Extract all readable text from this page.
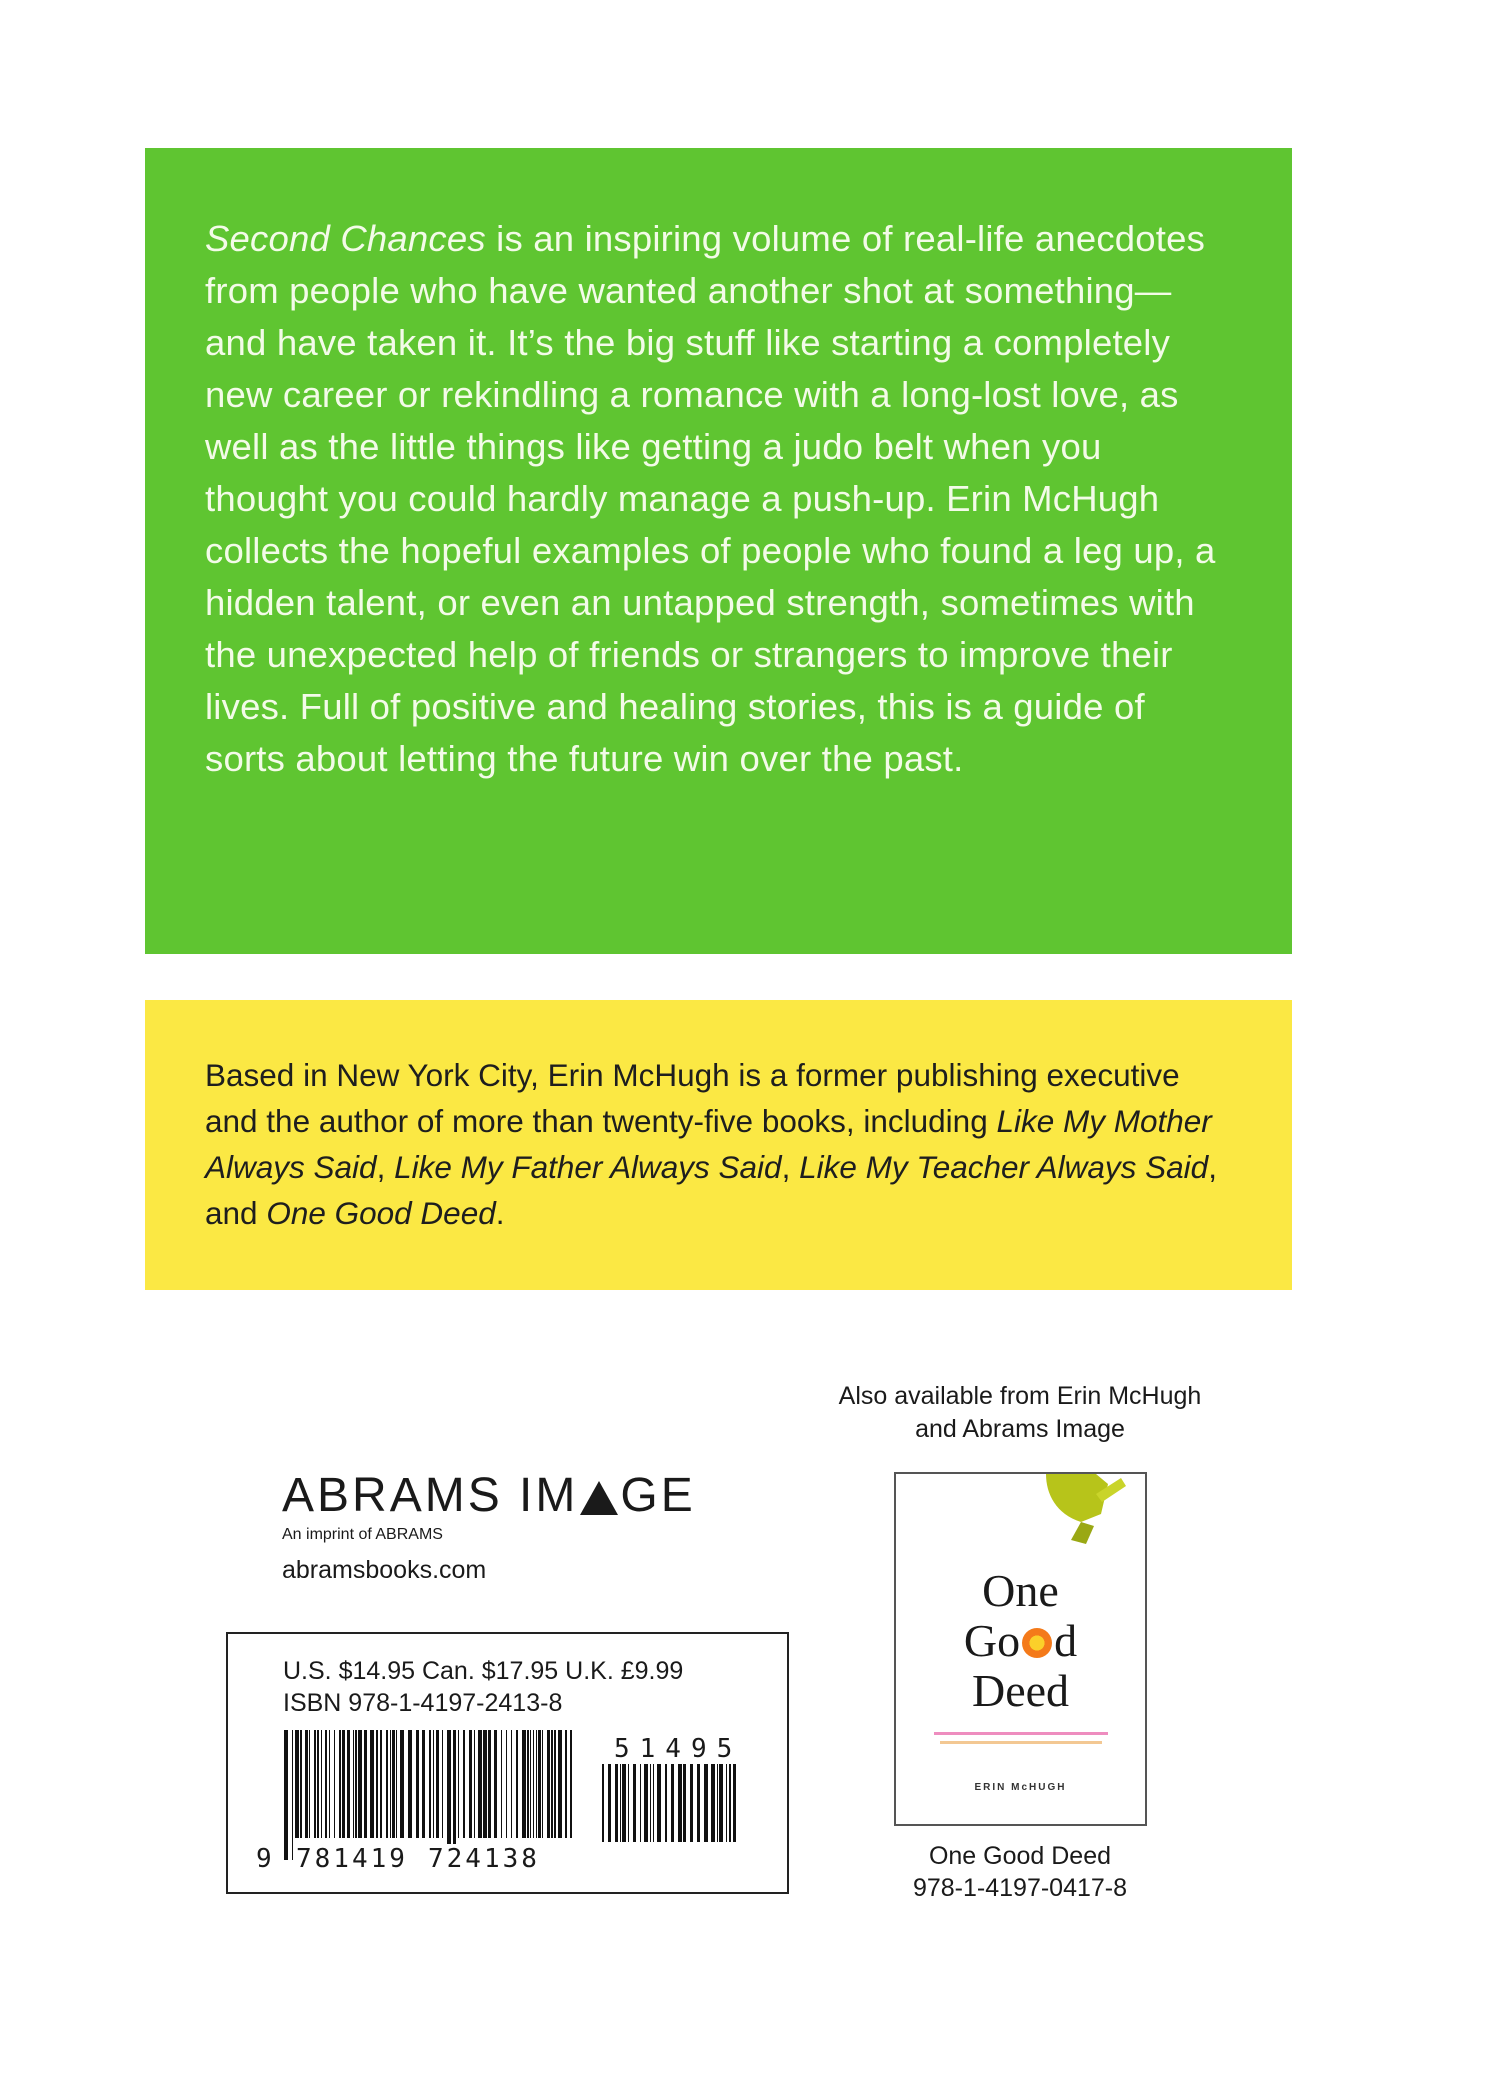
Second Chances is an inspiring volume of real-life anecdotes from people who have wanted another shot at something—and have taken it. It’s the big stuff like starting a completely new career or rekindling a romance with a long-lost love, as well as the little things like getting a judo belt when you thought you could hardly manage a push-up. Erin McHugh collects the hopeful examples of people who found a leg up, a hidden talent, or even an untapped strength, sometimes with the unexpected help of friends or strangers to improve their lives. Full of positive and healing stories, this is a guide of sorts about letting the future win over the past.

Based in New York City, Erin McHugh is a former publishing executive and the author of more than twenty-five books, including Like My Mother Always Said, Like My Father Always Said, Like My Teacher Always Said, and One Good Deed.

ABRAMS IM GE
An imprint of ABRAMS
abramsbooks.com
U.S. $14.95 Can. $17.95 U.K. £9.99
ISBN 978-1-4197-2413-8
51495
9 781419 724138
Also available from Erin McHugh
and Abrams Image
One
Go d
Deed
ERIN McHUGH
One Good Deed
978-1-4197-0417-8
